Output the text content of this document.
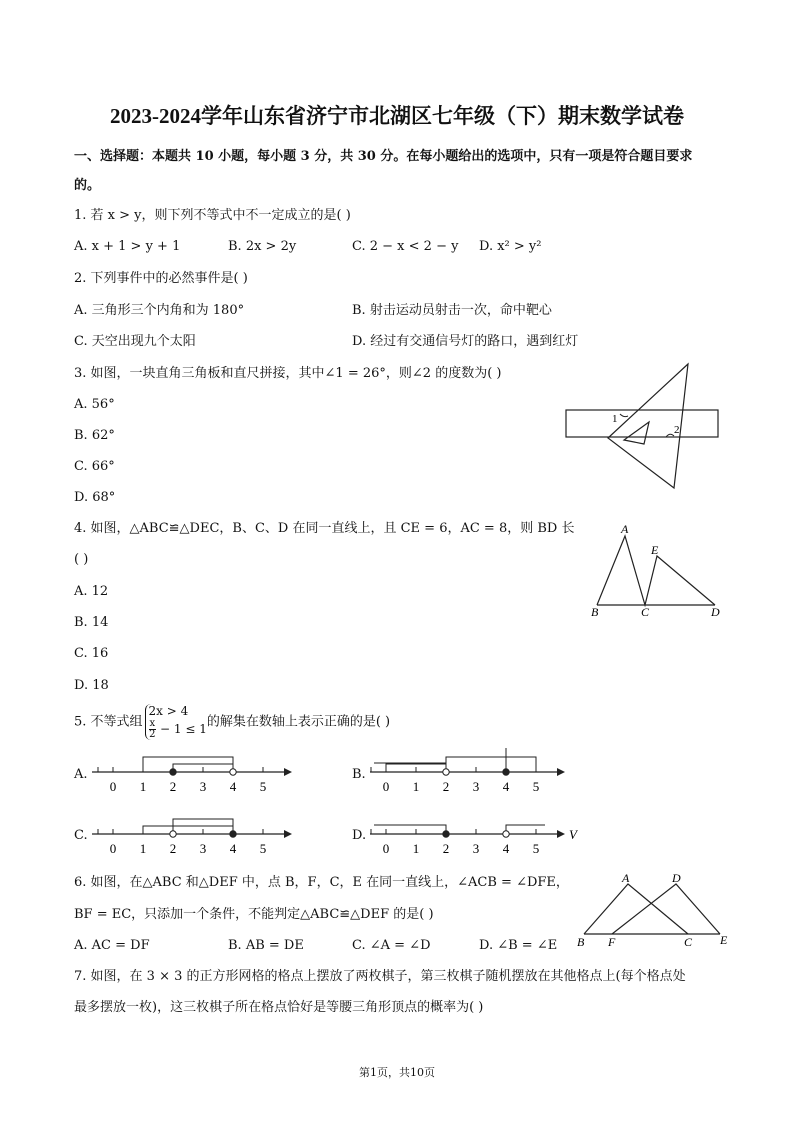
2023-2024学年山东省济宁市北湖区七年级（下）期末数学试卷
一、选择题：本题共 10 小题，每小题 3 分，共 30 分。在每小题给出的选项中，只有一项是符合题目要求
的。
1. 若 x > y，则下列不等式中不一定成立的是( )
A. x + 1 > y + 1	B. 2x > 2y	C. 2 − x < 2 − y D. x² > y²
2. 下列事件中的必然事件是( )
A. 三角形三个内角和为 180°	B. 射击运动员射击一次，命中靶心
C. 天空出现九个太阳	D. 经过有交通信号灯的路口，遇到红灯
3. 如图，一块直角三角板和直尺拼接，其中∠1 = 26°，则∠2 的度数为( )
A. 56°
B. 62°
C. 66°
D. 68°
1
2
4. 如图，△ABC≌△DEC，B、C、D 在同一直线上，且 CE = 6，AC = 8，则 BD 长
( )
A. 12
B. 14
C. 16
D. 18
A
E
B	C	D
5. 不等式组
2x > 4
$\frac{x}{2} - 1 \le 1$ 的解集在数轴上表示正确的是( )
A.	B.
C.	D.
0 1 2 3 4 5	0 1 2 3 4 5
0 1 2 3 4 5	0 1 2 3 4 5
V
6. 如图，在△ABC 和△DEF 中，点 B，F，C，E 在同一直线上，∠ACB = ∠DFE，
BF = EC，只添加一个条件，不能判定△ABC≌△DEF 的是( )
A. AC = DF	B. AB = DE	C. ∠A = ∠D	D. ∠B = ∠E
A	D
B F	C E
7. 如图，在 3 × 3 的正方形网格的格点上摆放了两枚棋子，第三枚棋子随机摆放在其他格点上(每个格点处
最多摆放一枚)，这三枚棋子所在格点恰好是等腰三角形顶点的概率为( )
第1页，共10页
